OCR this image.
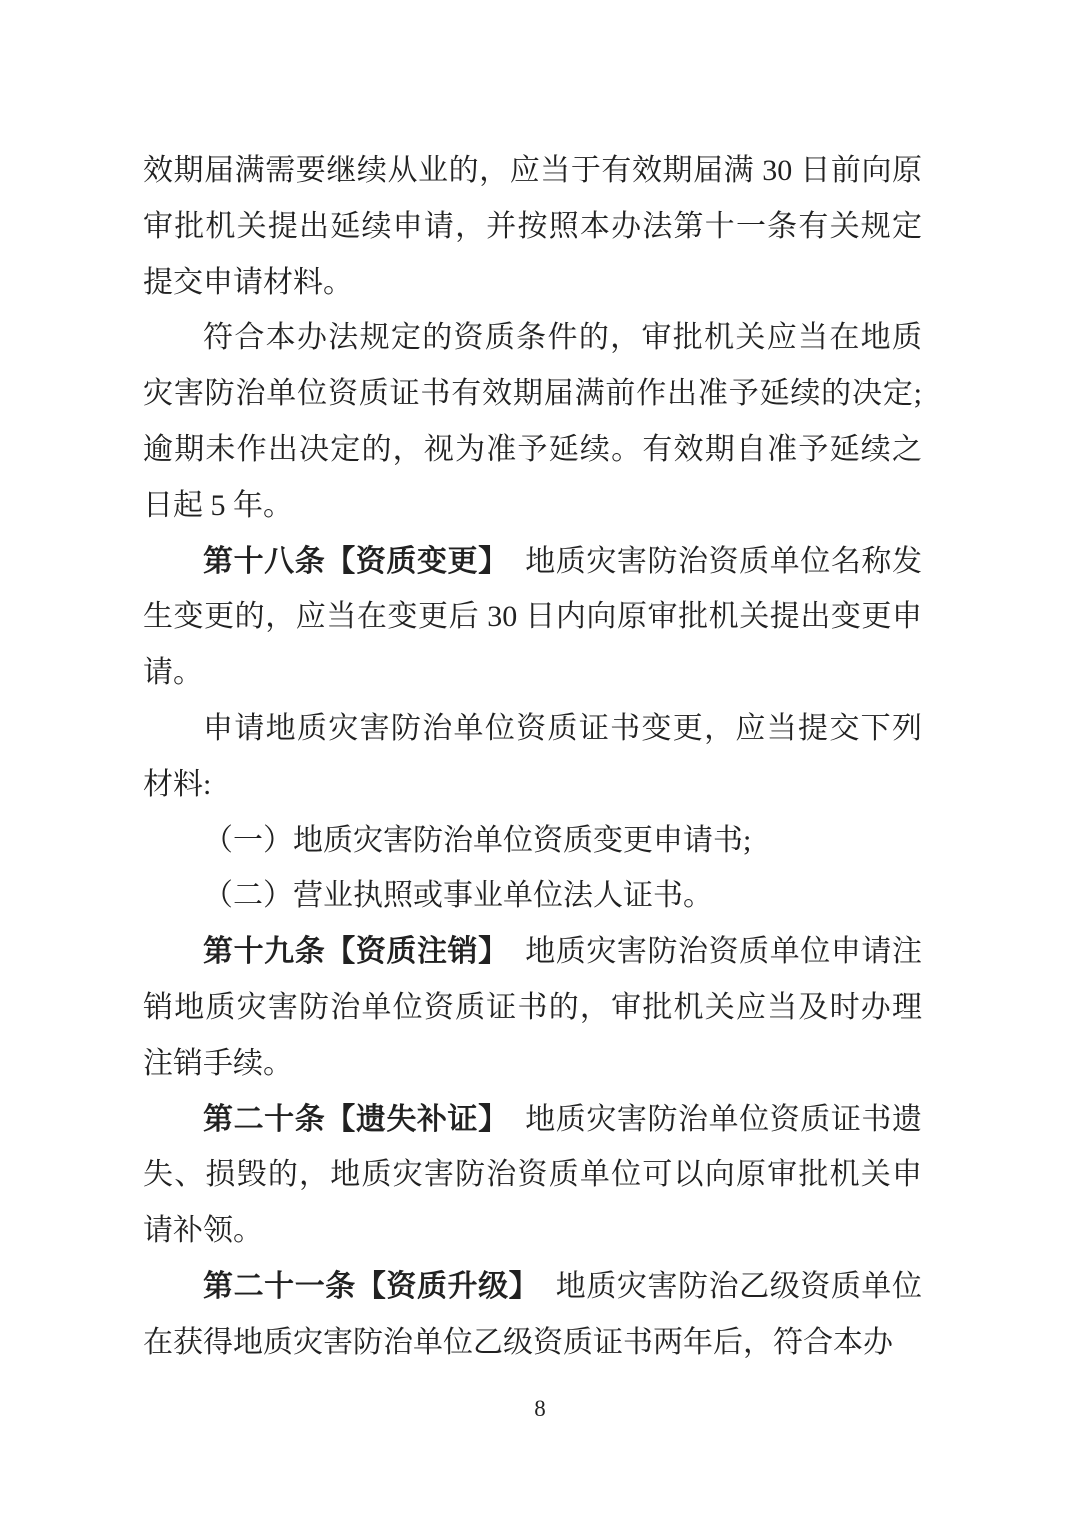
效期届满需要继续从业的，应当于有效期届满 30 日前向原审批机关提出延续申请，并按照本办法第十一条有关规定提交申请材料。

符合本办法规定的资质条件的，审批机关应当在地质灾害防治单位资质证书有效期届满前作出准予延续的决定;逾期未作出决定的，视为准予延续。有效期自准予延续之日起 5 年。

第十八条【资质变更】 地质灾害防治资质单位名称发生变更的，应当在变更后 30 日内向原审批机关提出变更申请。

申请地质灾害防治单位资质证书变更，应当提交下列材料:

（一）地质灾害防治单位资质变更申请书;

（二）营业执照或事业单位法人证书。

第十九条【资质注销】 地质灾害防治资质单位申请注销地质灾害防治单位资质证书的，审批机关应当及时办理注销手续。

第二十条【遗失补证】 地质灾害防治单位资质证书遗失、损毁的，地质灾害防治资质单位可以向原审批机关申请补领。

第二十一条【资质升级】 地质灾害防治乙级资质单位在获得地质灾害防治单位乙级资质证书两年后，符合本办

8
